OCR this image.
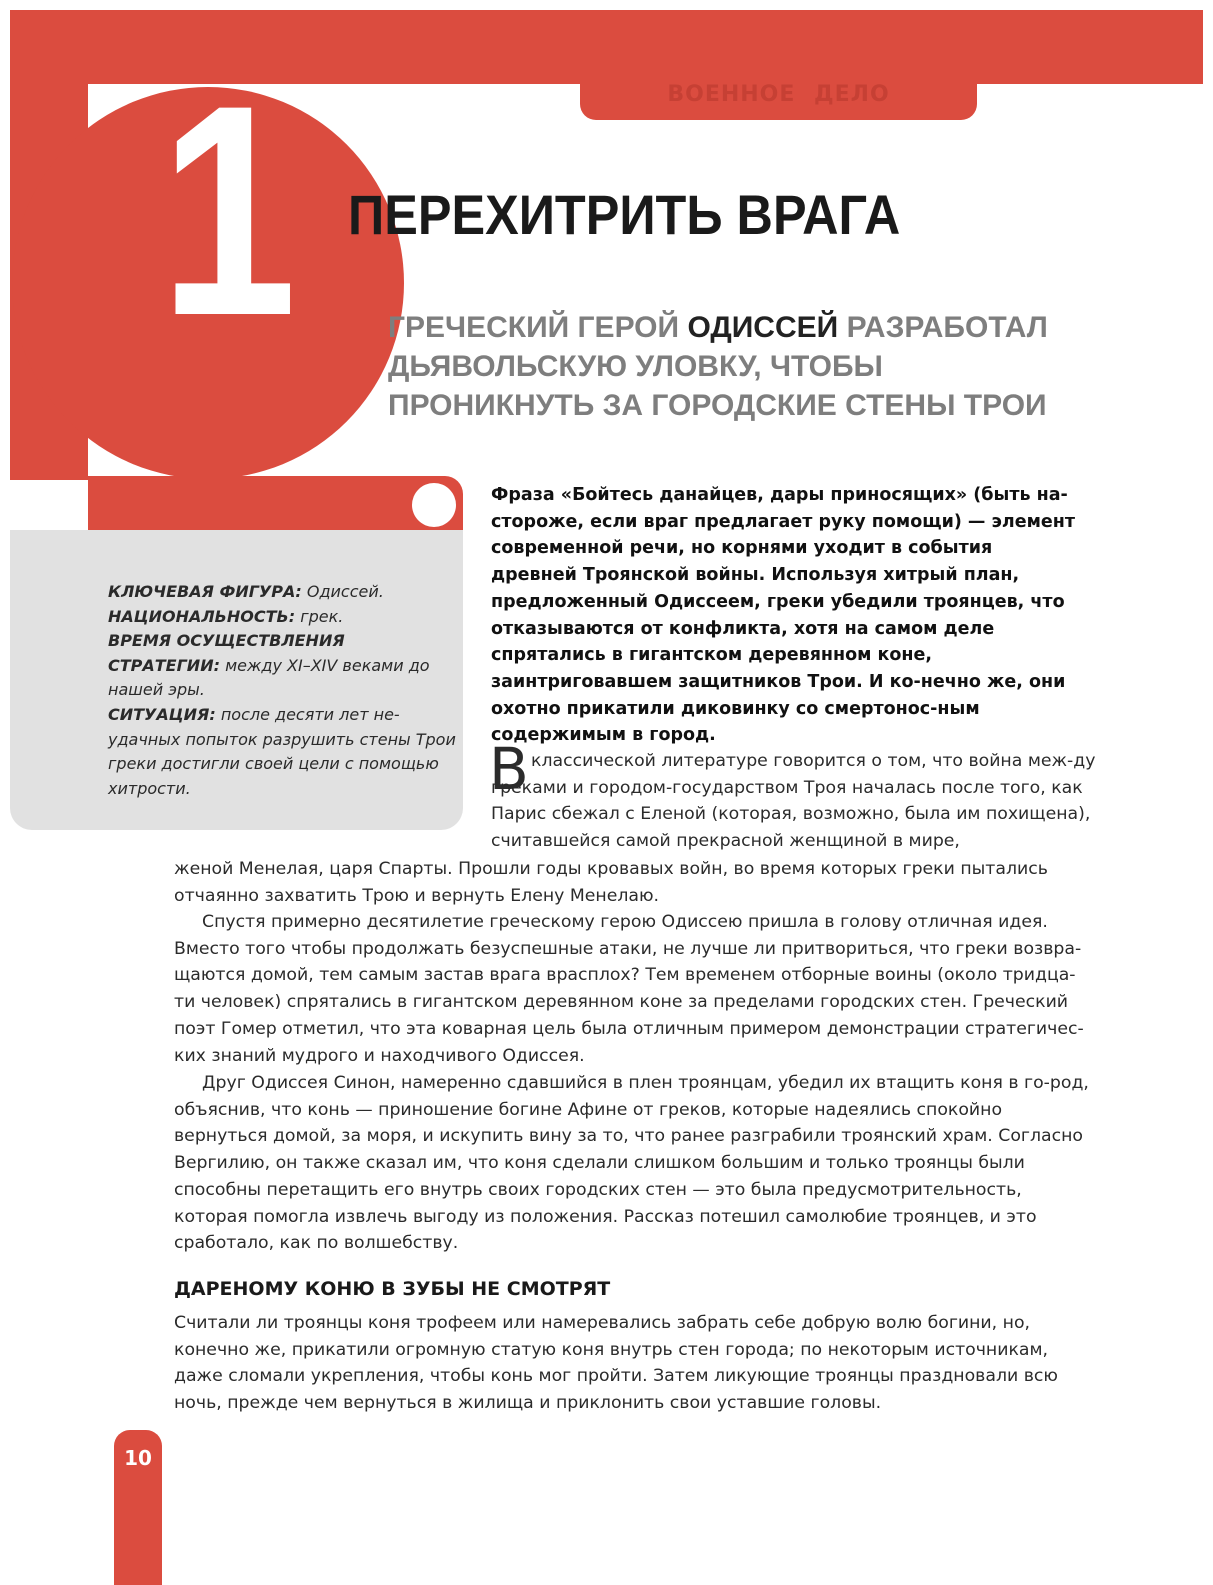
ВОЕННОЕ ДЕЛО
1 ПЕРЕХИТРИТЬ ВРАГА
ГРЕЧЕСКИЙ ГЕРОЙ ОДИССЕЙ РАЗРАБОТАЛ ДЬЯВОЛЬСКУЮ УЛОВКУ, ЧТОБЫ ПРОНИКНУТЬ ЗА ГОРОДСКИЕ СТЕНЫ ТРОИ
КЛЮЧЕВАЯ ФИГУРА: Одиссей.
НАЦИОНАЛЬНОСТЬ: грек.
ВРЕМЯ ОСУЩЕСТВЛЕНИЯ СТРАТЕГИИ: между XI–XIV веками до нашей эры.
СИТУАЦИЯ: после десяти лет не-удачных попыток разрушить стены Трои греки достигли своей цели с помощью хитрости.
Фраза «Бойтесь данайцев, дары приносящих» (быть на-стороже, если враг предлагает руку помощи) — элемент современной речи, но корнями уходит в события древней Троянской войны. Используя хитрый план, предложенный Одиссеем, греки убедили троянцев, что отказываются от конфликта, хотя на самом деле спрятались в гигантском деревянном коне, заинтриговавшем защитников Трои. И ко-нечно же, они охотно прикатили диковинку со смертонос-ным содержимым в город.
В классической литературе говорится о том, что война меж-ду греками и городом-государством Троя началась после того, как Парис сбежал с Еленой (которая, возможно, была им похищена), считавшейся самой прекрасной женщиной в мире,
женой Менелая, царя Спарты. Прошли годы кровавых войн, во время которых греки пытались отчаянно захватить Трою и вернуть Елену Менелаю.
Спустя примерно десятилетие греческому герою Одиссею пришла в голову отличная идея. Вместо того чтобы продолжать безуспешные атаки, не лучше ли притвориться, что греки возвра-щаются домой, тем самым застав врага врасплох? Тем временем отборные воины (около тридца-ти человек) спрятались в гигантском деревянном коне за пределами городских стен. Греческий поэт Гомер отметил, что эта коварная цель была отличным примером демонстрации стратегичес-ких знаний мудрого и находчивого Одиссея.
Друг Одиссея Синон, намеренно сдавшийся в плен троянцам, убедил их втащить коня в го-род, объяснив, что конь — приношение богине Афине от греков, которые надеялись спокойно вернуться домой, за моря, и искупить вину за то, что ранее разграбили троянский храм. Согласно Вергилию, он также сказал им, что коня сделали слишком большим и только троянцы были способны перетащить его внутрь своих городских стен — это была предусмотрительность, которая помогла извлечь выгоду из положения. Рассказ потешил самолюбие троянцев, и это сработало, как по волшебству.
ДАРЕНОМУ КОНЮ В ЗУБЫ НЕ СМОТРЯТ
Считали ли троянцы коня трофеем или намеревались забрать себе добрую волю богини, но, конечно же, прикатили огромную статую коня внутрь стен города; по некоторым источникам, даже сломали укрепления, чтобы конь мог пройти. Затем ликующие троянцы праздновали всю ночь, прежде чем вернуться в жилища и приклонить свои уставшие головы.
10
